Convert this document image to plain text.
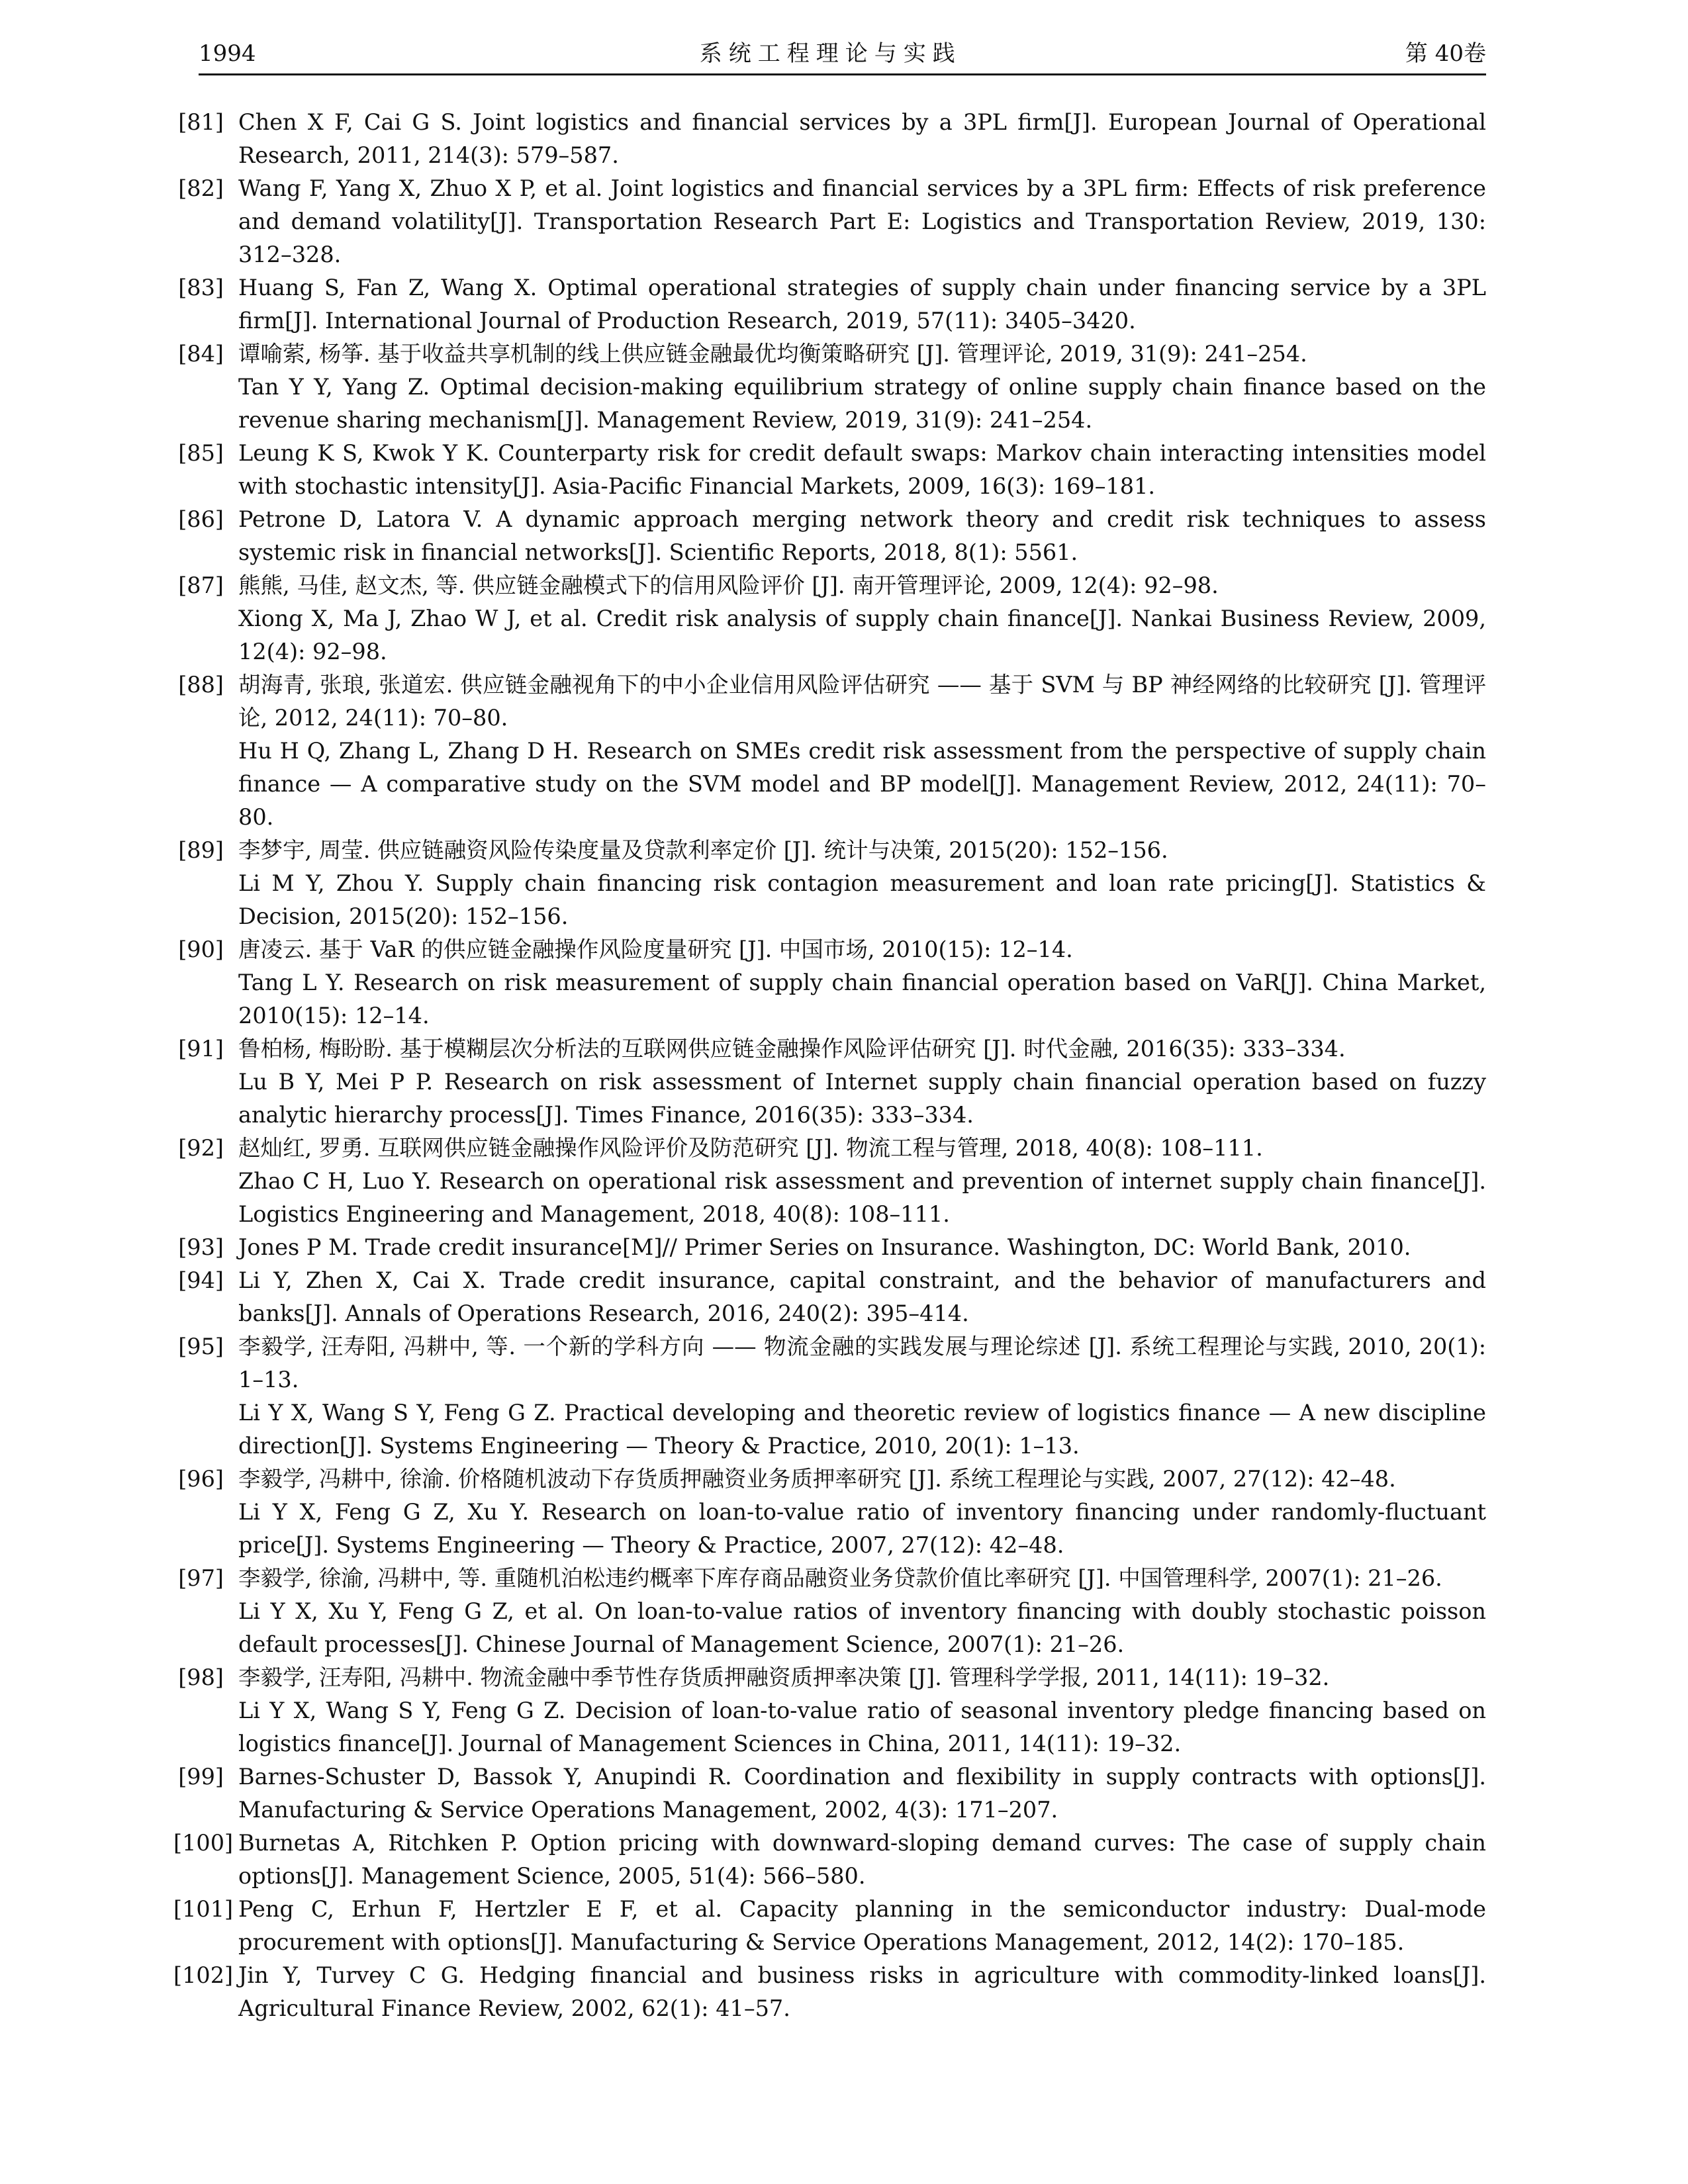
1994	系统工程理论与实践	第 40卷
[81] Chen X F, Cai G S. Joint logistics and financial services by a 3PL firm[J]. European Journal of Operational Research, 2011, 214(3): 579–587.
[82] Wang F, Yang X, Zhuo X P, et al. Joint logistics and financial services by a 3PL firm: Effects of risk preference and demand volatility[J]. Transportation Research Part E: Logistics and Transportation Review, 2019, 130: 312–328.
[83] Huang S, Fan Z, Wang X. Optimal operational strategies of supply chain under financing service by a 3PL firm[J]. International Journal of Production Research, 2019, 57(11): 3405–3420.
[84] 谭喻萦, 杨筝. 基于收益共享机制的线上供应链金融最优均衡策略研究 [J]. 管理评论, 2019, 31(9): 241–254.
Tan Y Y, Yang Z. Optimal decision-making equilibrium strategy of online supply chain finance based on the revenue sharing mechanism[J]. Management Review, 2019, 31(9): 241–254.
[85] Leung K S, Kwok Y K. Counterparty risk for credit default swaps: Markov chain interacting intensities model with stochastic intensity[J]. Asia-Pacific Financial Markets, 2009, 16(3): 169–181.
[86] Petrone D, Latora V. A dynamic approach merging network theory and credit risk techniques to assess systemic risk in financial networks[J]. Scientific Reports, 2018, 8(1): 5561.
[87] 熊熊, 马佳, 赵文杰, 等. 供应链金融模式下的信用风险评价 [J]. 南开管理评论, 2009, 12(4): 92–98.
Xiong X, Ma J, Zhao W J, et al. Credit risk analysis of supply chain finance[J]. Nankai Business Review, 2009, 12(4): 92–98.
[88] 胡海青, 张琅, 张道宏. 供应链金融视角下的中小企业信用风险评估研究 —— 基于 SVM 与 BP 神经网络的比较研究 [J]. 管理评论, 2012, 24(11): 70–80.
Hu H Q, Zhang L, Zhang D H. Research on SMEs credit risk assessment from the perspective of supply chain finance — A comparative study on the SVM model and BP model[J]. Management Review, 2012, 24(11): 70–80.
[89] 李梦宇, 周莹. 供应链融资风险传染度量及贷款利率定价 [J]. 统计与决策, 2015(20): 152–156.
Li M Y, Zhou Y. Supply chain financing risk contagion measurement and loan rate pricing[J]. Statistics & Decision, 2015(20): 152–156.
[90] 唐凌云. 基于 VaR 的供应链金融操作风险度量研究 [J]. 中国市场, 2010(15): 12–14.
Tang L Y. Research on risk measurement of supply chain financial operation based on VaR[J]. China Market, 2010(15): 12–14.
[91] 鲁柏杨, 梅盼盼. 基于模糊层次分析法的互联网供应链金融操作风险评估研究 [J]. 时代金融, 2016(35): 333–334.
Lu B Y, Mei P P. Research on risk assessment of Internet supply chain financial operation based on fuzzy analytic hierarchy process[J]. Times Finance, 2016(35): 333–334.
[92] 赵灿红, 罗勇. 互联网供应链金融操作风险评价及防范研究 [J]. 物流工程与管理, 2018, 40(8): 108–111.
Zhao C H, Luo Y. Research on operational risk assessment and prevention of internet supply chain finance[J]. Logistics Engineering and Management, 2018, 40(8): 108–111.
[93] Jones P M. Trade credit insurance[M]// Primer Series on Insurance. Washington, DC: World Bank, 2010.
[94] Li Y, Zhen X, Cai X. Trade credit insurance, capital constraint, and the behavior of manufacturers and banks[J]. Annals of Operations Research, 2016, 240(2): 395–414.
[95] 李毅学, 汪寿阳, 冯耕中, 等. 一个新的学科方向 —— 物流金融的实践发展与理论综述 [J]. 系统工程理论与实践, 2010, 20(1): 1–13.
Li Y X, Wang S Y, Feng G Z. Practical developing and theoretic review of logistics finance — A new discipline direction[J]. Systems Engineering — Theory & Practice, 2010, 20(1): 1–13.
[96] 李毅学, 冯耕中, 徐渝. 价格随机波动下存货质押融资业务质押率研究 [J]. 系统工程理论与实践, 2007, 27(12): 42–48.
Li Y X, Feng G Z, Xu Y. Research on loan-to-value ratio of inventory financing under randomly-fluctuant price[J]. Systems Engineering — Theory & Practice, 2007, 27(12): 42–48.
[97] 李毅学, 徐渝, 冯耕中, 等. 重随机泊松违约概率下库存商品融资业务贷款价值比率研究 [J]. 中国管理科学, 2007(1): 21–26.
Li Y X, Xu Y, Feng G Z, et al. On loan-to-value ratios of inventory financing with doubly stochastic poisson default processes[J]. Chinese Journal of Management Science, 2007(1): 21–26.
[98] 李毅学, 汪寿阳, 冯耕中. 物流金融中季节性存货质押融资质押率决策 [J]. 管理科学学报, 2011, 14(11): 19–32.
Li Y X, Wang S Y, Feng G Z. Decision of loan-to-value ratio of seasonal inventory pledge financing based on logistics finance[J]. Journal of Management Sciences in China, 2011, 14(11): 19–32.
[99] Barnes-Schuster D, Bassok Y, Anupindi R. Coordination and flexibility in supply contracts with options[J]. Manufacturing & Service Operations Management, 2002, 4(3): 171–207.
[100] Burnetas A, Ritchken P. Option pricing with downward-sloping demand curves: The case of supply chain options[J]. Management Science, 2005, 51(4): 566–580.
[101] Peng C, Erhun F, Hertzler E F, et al. Capacity planning in the semiconductor industry: Dual-mode procurement with options[J]. Manufacturing & Service Operations Management, 2012, 14(2): 170–185.
[102] Jin Y, Turvey C G. Hedging financial and business risks in agriculture with commodity-linked loans[J]. Agricultural Finance Review, 2002, 62(1): 41–57.
